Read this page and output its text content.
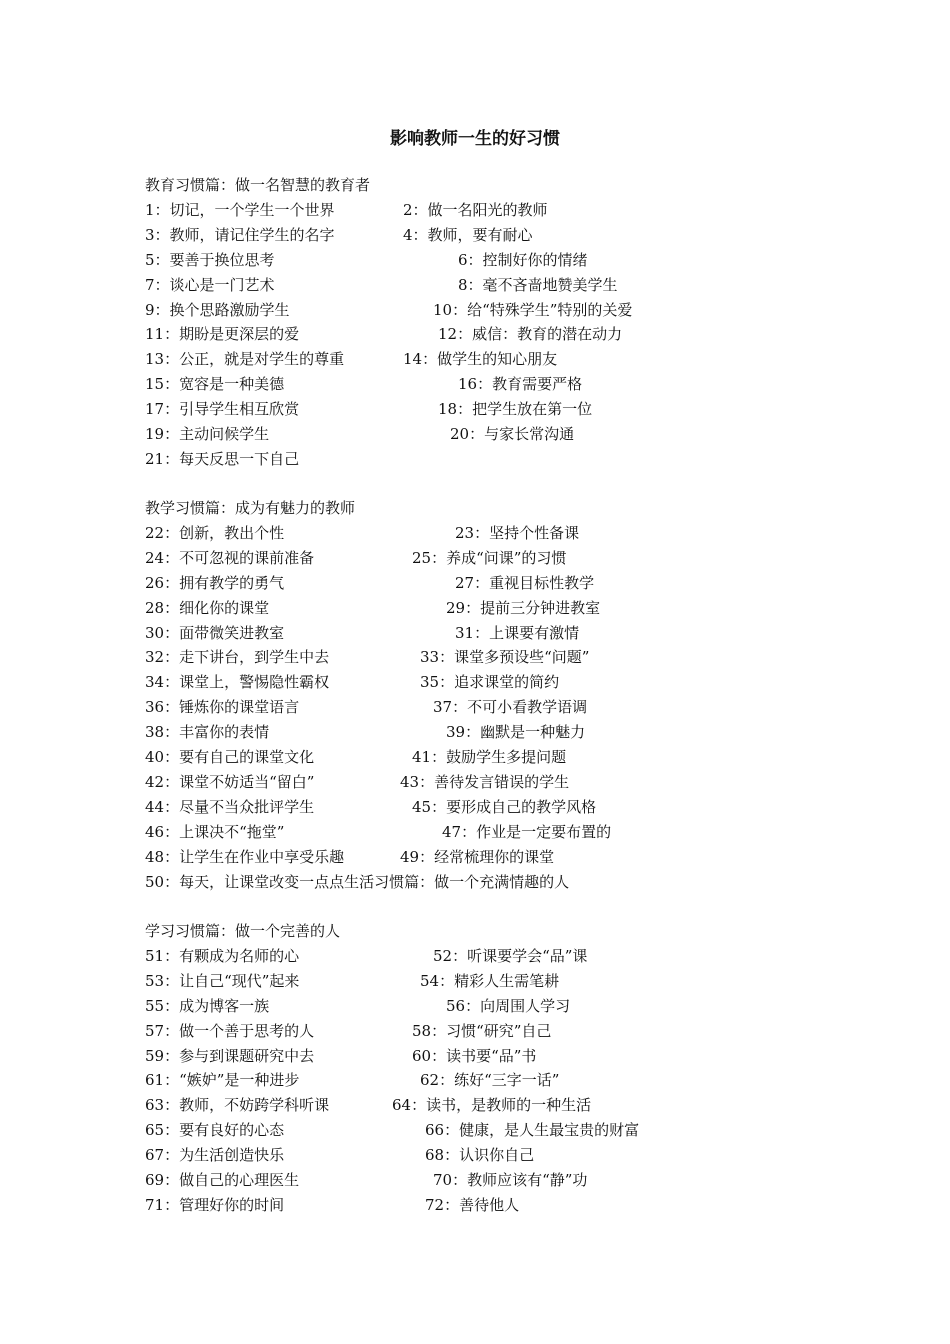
影响教师一生的好习惯
教育习惯篇：做一名智慧的教育者
1：切记，一个学生一个世界	2：做一名阳光的教师
3：教师，请记住学生的名字	4：教师，要有耐心
5：要善于换位思考	6：控制好你的情绪
7：谈心是一门艺术	8：毫不吝啬地赞美学生
9：换个思路激励学生	10：给“特殊学生”特别的关爱
11：期盼是更深层的爱	12：威信：教育的潜在动力
13：公正，就是对学生的尊重	14：做学生的知心朋友
15：宽容是一种美德	16：教育需要严格
17：引导学生相互欣赏	18：把学生放在第一位
19：主动问候学生	20：与家长常沟通
21：每天反思一下自己
教学习惯篇：成为有魅力的教师
22：创新，教出个性	23：坚持个性备课
24：不可忽视的课前准备	25：养成“问课”的习惯
26：拥有教学的勇气	27：重视目标性教学
28：细化你的课堂	29：提前三分钟进教室
30：面带微笑进教室	31：上课要有激情
32：走下讲台，到学生中去	33：课堂多预设些“问题”
34：课堂上，警惕隐性霸权	35：追求课堂的简约
36：锤炼你的课堂语言	37：不可小看教学语调
38：丰富你的表情	39：幽默是一种魅力
40：要有自己的课堂文化	41：鼓励学生多提问题
42：课堂不妨适当“留白”	43：善待发言错误的学生
44：尽量不当众批评学生	45：要形成自己的教学风格
46：上课决不“拖堂”	47：作业是一定要布置的
48：让学生在作业中享受乐趣	49：经常梳理你的课堂
50：每天，让课堂改变一点点生活习惯篇：做一个充满情趣的人
学习习惯篇：做一个完善的人
51：有颗成为名师的心	52：听课要学会“品”课
53：让自己“现代”起来	54：精彩人生需笔耕
55：成为博客一族	56：向周围人学习
57：做一个善于思考的人	58：习惯“研究”自己
59：参与到课题研究中去	60：读书要“品”书
61：“嫉妒”是一种进步	62：练好“三字一话”
63：教师，不妨跨学科听课	64：读书，是教师的一种生活
65：要有良好的心态	66：健康，是人生最宝贵的财富
67：为生活创造快乐	68：认识你自己
69：做自己的心理医生	70：教师应该有“静”功
71：管理好你的时间	72：善待他人
